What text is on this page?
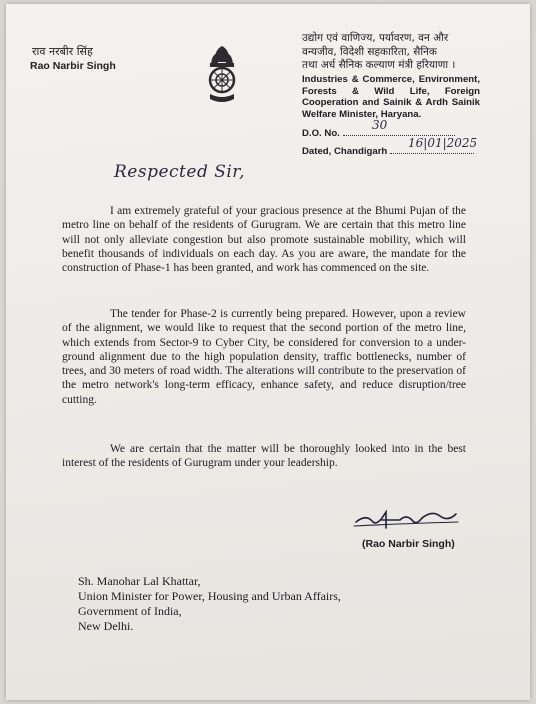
राव नरबीर सिंह
Rao Narbir Singh
उद्योग एवं वाणिज्य, पर्यावरण, वन और
वन्यजीव, विदेशी सहकारिता, सैनिक
तथा अर्ध सैनिक कल्याण मंत्री हरियाणा ।
Industries & Commerce, Environment, Forests & Wild Life, Foreign Cooperation and Sainik & Ardh Sainik Welfare Minister, Haryana.
D.O. No.
30
Dated, Chandigarh
16|01|2025
Respected Sir,
I am extremely grateful of your gracious presence at the Bhumi Pujan of the metro line on behalf of the residents of Gurugram. We are certain that this metro line will not only alleviate congestion but also promote sustainable mobility, which will benefit thousands of individuals on each day. As you are aware, the mandate for the construction of Phase-1 has been granted, and work has commenced on the site.
The tender for Phase-2 is currently being prepared. However, upon a review of the alignment, we would like to request that the second portion of the metro line, which extends from Sector-9 to Cyber City, be considered for conversion to a under-ground alignment due to the high population density, traffic bottlenecks, number of trees, and 30 meters of road width. The alterations will contribute to the preservation of the metro network's long-term efficacy, enhance safety, and reduce disruption/tree cutting.
We are certain that the matter will be thoroughly looked into in the best interest of the residents of Gurugram under your leadership.
(Rao Narbir Singh)
Sh. Manohar Lal Khattar,
Union Minister for Power, Housing and Urban Affairs,
Government of India,
New Delhi.
